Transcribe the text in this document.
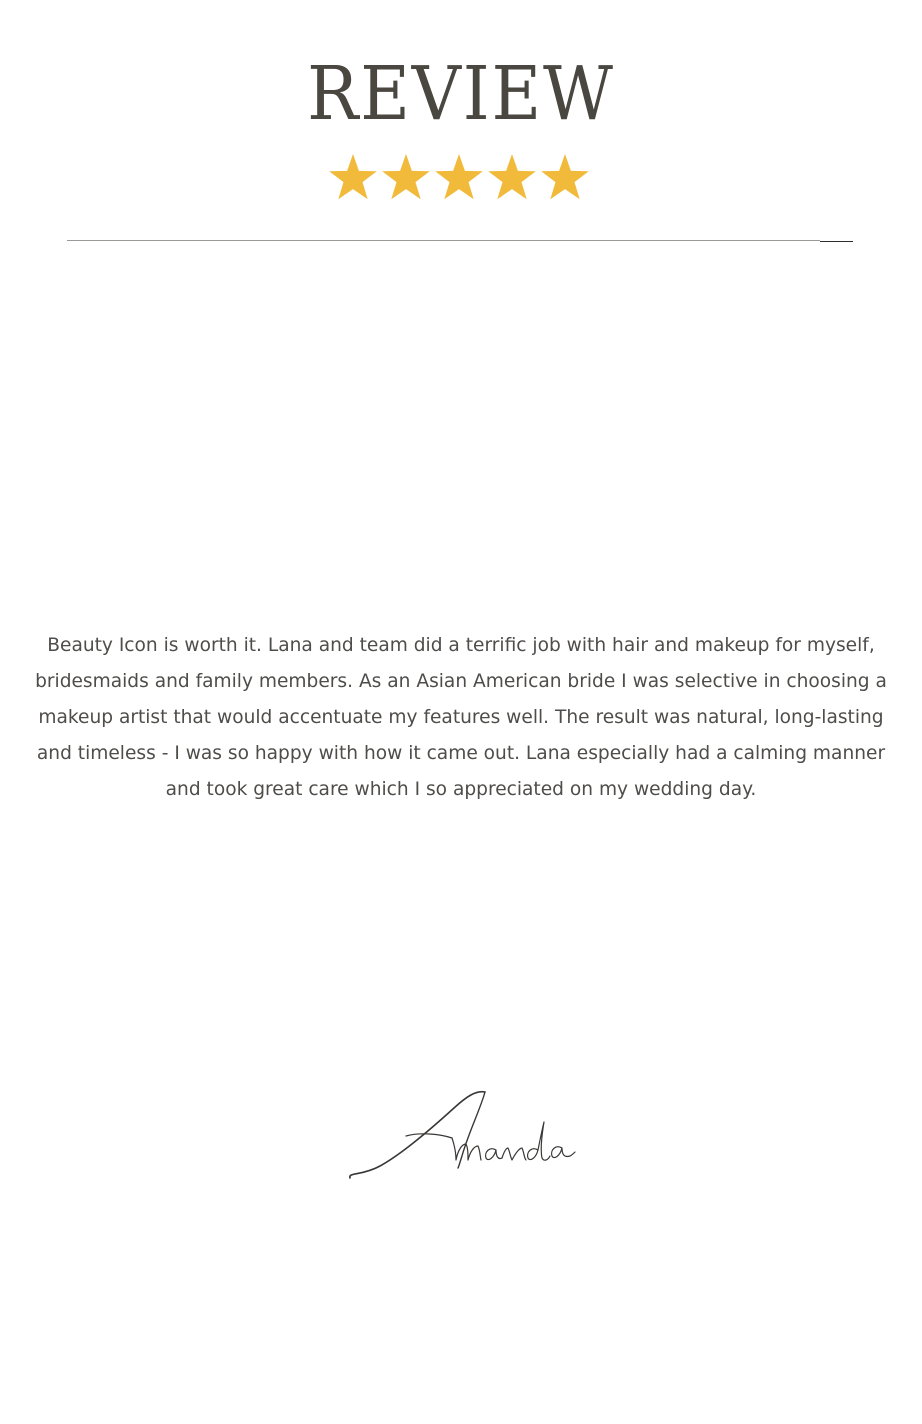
REVIEW

Beauty Icon is worth it. Lana and team did a terrific job with hair and makeup for myself, bridesmaids and family members. As an Asian American bride I was selective in choosing a makeup artist that would accentuate my features well. The result was natural, long-lasting and timeless - I was so happy with how it came out. Lana especially had a calming manner and took great care which I so appreciated on my wedding day.
